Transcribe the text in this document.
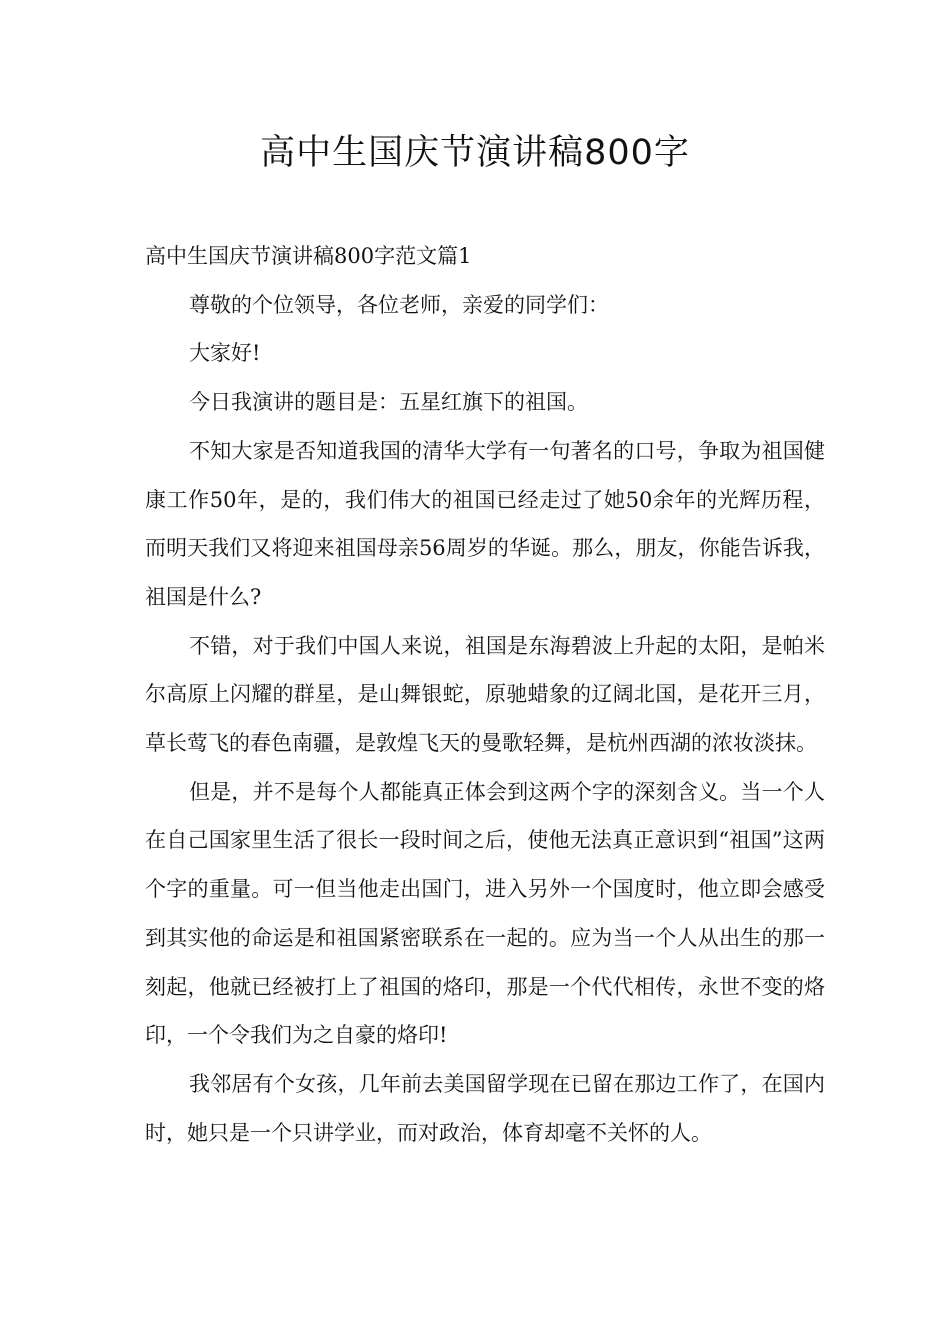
高中生国庆节演讲稿800字

高中生国庆节演讲稿800字范文篇1

尊敬的个位领导，各位老师，亲爱的同学们：

大家好!

今日我演讲的题目是：五星红旗下的祖国。

不知大家是否知道我国的清华大学有一句著名的口号，争取为祖国健康工作50年，是的，我们伟大的祖国已经走过了她50余年的光辉历程，而明天我们又将迎来祖国母亲56周岁的华诞。那么，朋友，你能告诉我，祖国是什么?

不错，对于我们中国人来说，祖国是东海碧波上升起的太阳，是帕米尔高原上闪耀的群星，是山舞银蛇，原驰蜡象的辽阔北国，是花开三月，草长莺飞的春色南疆，是敦煌飞天的曼歌轻舞，是杭州西湖的浓妆淡抹。

但是，并不是每个人都能真正体会到这两个字的深刻含义。当一个人在自己国家里生活了很长一段时间之后，使他无法真正意识到“祖国”这两个字的重量。可一但当他走出国门，进入另外一个国度时，他立即会感受到其实他的命运是和祖国紧密联系在一起的。应为当一个人从出生的那一刻起，他就已经被打上了祖国的烙印，那是一个代代相传，永世不变的烙印，一个令我们为之自豪的烙印!

我邻居有个女孩，几年前去美国留学现在已留在那边工作了，在国内时，她只是一个只讲学业，而对政治，体育却毫不关怀的人。
